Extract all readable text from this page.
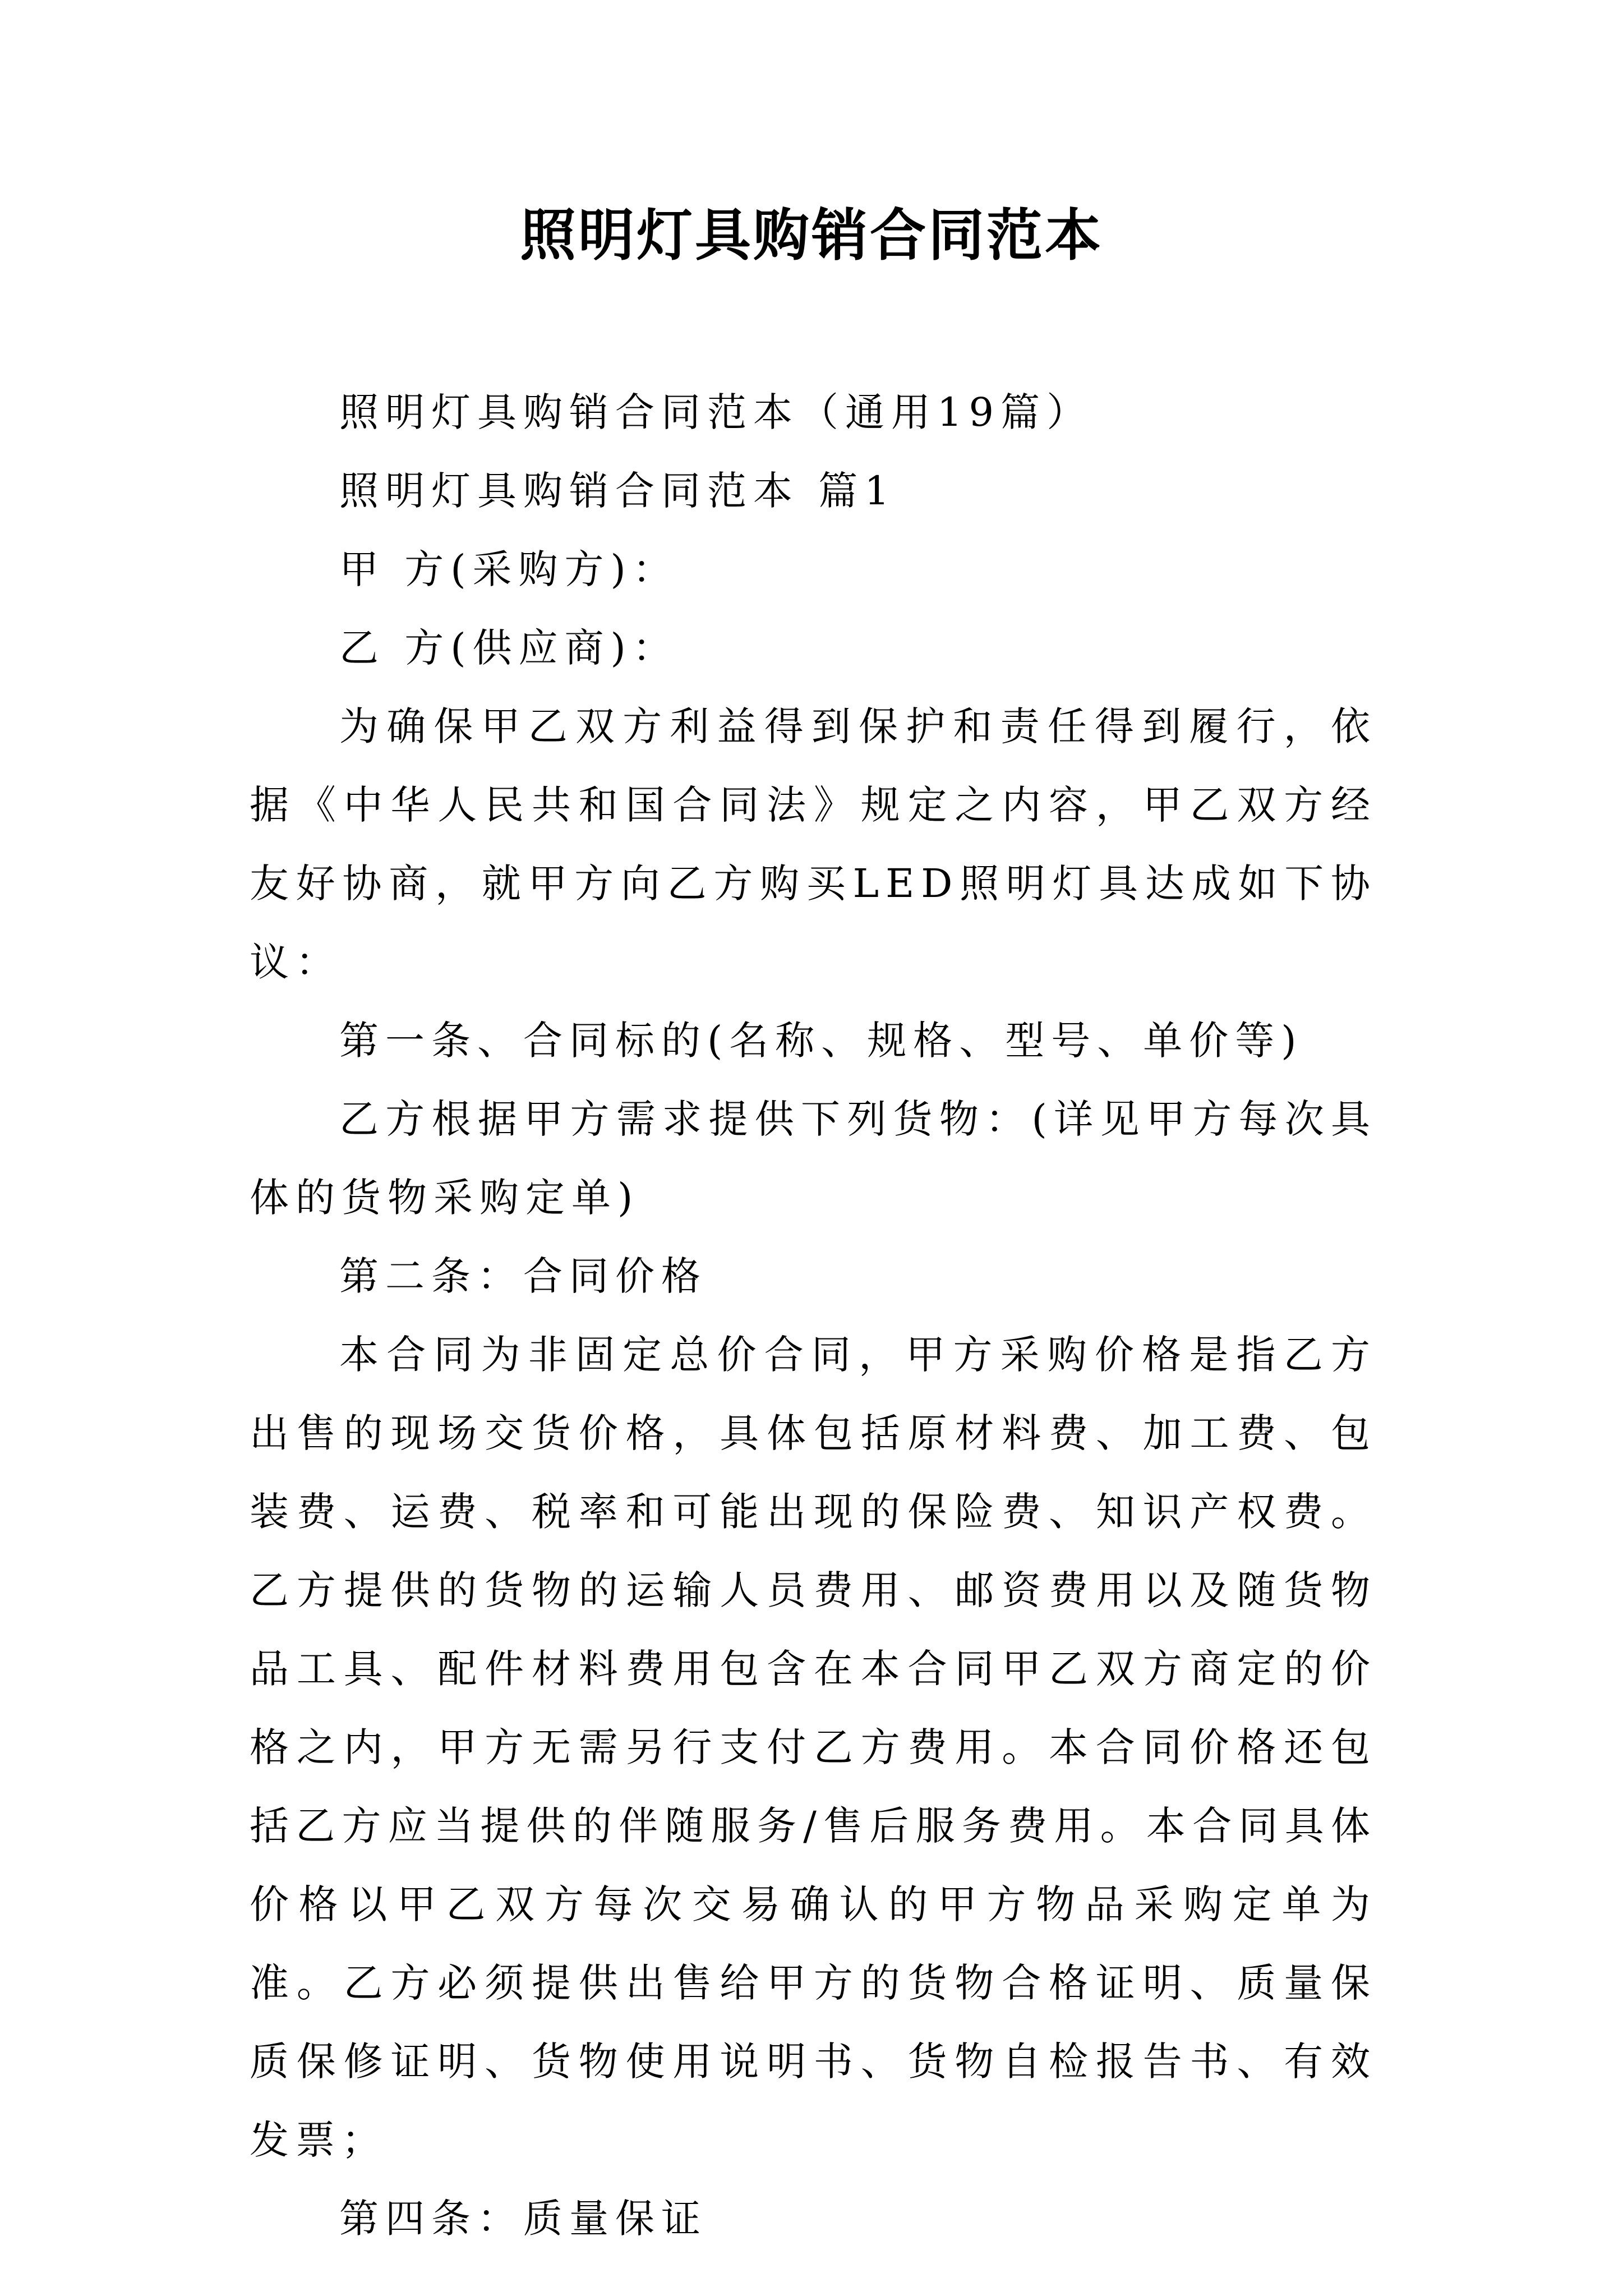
照明灯具购销合同范本

照明灯具购销合同范本（通用19篇）

照明灯具购销合同范本 篇1

甲 方(采购方)：

乙 方(供应商)：

为确保甲乙双方利益得到保护和责任得到履行，依据《中华人民共和国合同法》规定之内容，甲乙双方经友好协商，就甲方向乙方购买LED照明灯具达成如下协议：

第一条、合同标的(名称、规格、型号、单价等)

乙方根据甲方需求提供下列货物：(详见甲方每次具体的货物采购定单)

第二条：合同价格

本合同为非固定总价合同，甲方采购价格是指乙方出售的现场交货价格，具体包括原材料费、加工费、包装费、运费、税率和可能出现的保险费、知识产权费。乙方提供的货物的运输人员费用、邮资费用以及随货物品工具、配件材料费用包含在本合同甲乙双方商定的价格之内，甲方无需另行支付乙方费用。本合同价格还包括乙方应当提供的伴随服务/售后服务费用。本合同具体价格以甲乙双方每次交易确认的甲方物品采购定单为准。乙方必须提供出售给甲方的货物合格证明、质量保质保修证明、货物使用说明书、货物自检报告书、有效发票；

第四条：质量保证
